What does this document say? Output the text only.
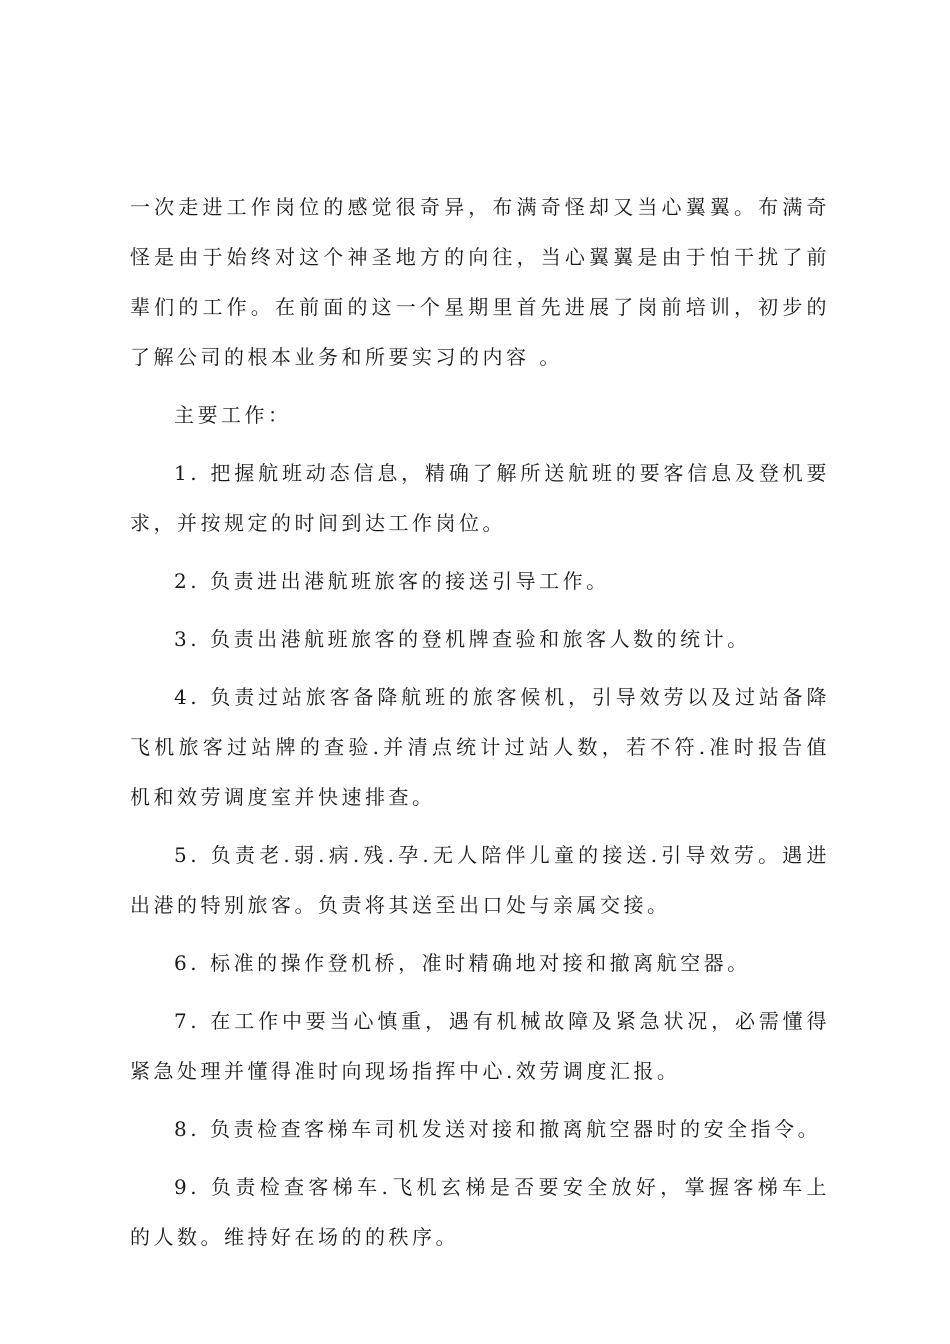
一次走进工作岗位的感觉很奇异，布满奇怪却又当心翼翼。布满奇怪是由于始终对这个神圣地方的向往，当心翼翼是由于怕干扰了前辈们的工作。在前面的这一个星期里首先进展了岗前培训，初步的了解公司的根本业务和所要实习的内容 。

主要工作：

1. 把握航班动态信息，精确了解所送航班的要客信息及登机要求，并按规定的时间到达工作岗位。

2. 负责进出港航班旅客的接送引导工作。

3. 负责出港航班旅客的登机牌查验和旅客人数的统计。

4. 负责过站旅客备降航班的旅客候机，引导效劳以及过站备降飞机旅客过站牌的查验.并清点统计过站人数，若不符.准时报告值机和效劳调度室并快速排查。

5. 负责老.弱.病.残.孕.无人陪伴儿童的接送.引导效劳。遇进出港的特别旅客。负责将其送至出口处与亲属交接。

6. 标准的操作登机桥，准时精确地对接和撤离航空器。

7. 在工作中要当心慎重，遇有机械故障及紧急状况，必需懂得紧急处理并懂得准时向现场指挥中心.效劳调度汇报。

8. 负责检查客梯车司机发送对接和撤离航空器时的安全指令。

9. 负责检查客梯车.飞机玄梯是否要安全放好，掌握客梯车上的人数。维持好在场的的秩序。
